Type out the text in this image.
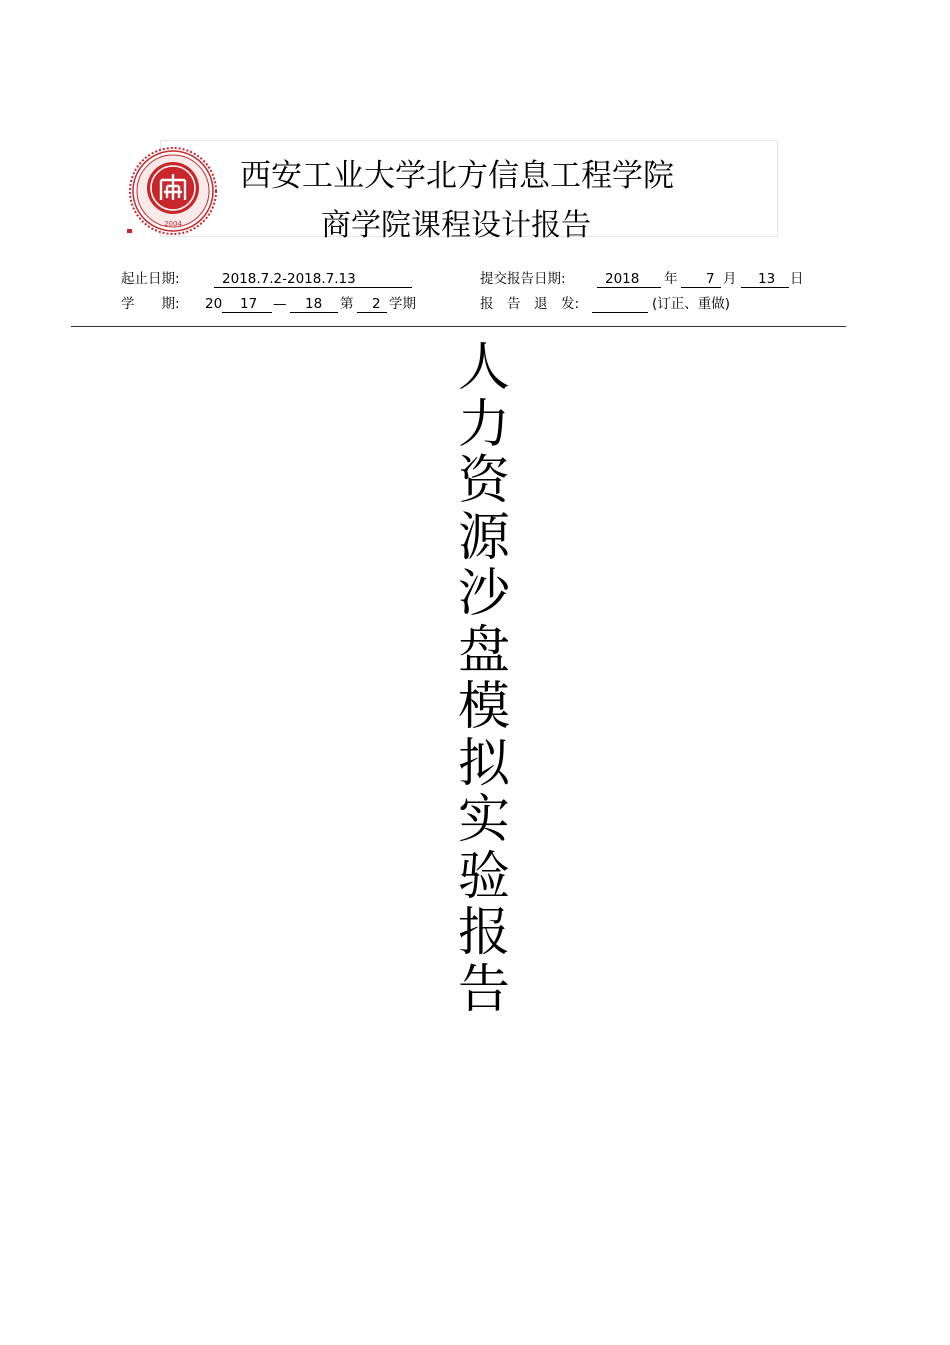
2004
西安工业大学北方信息工程学院
商学院课程设计报告
起止日期:	2018.7.2-2018.7.13	提交报告日期:	2018 年 7 月 13 日
学　　期: 20 17 — 18 第 2 学期	报　告　退　发:	(订正、重做)
人力资源沙盘模拟实验报告
